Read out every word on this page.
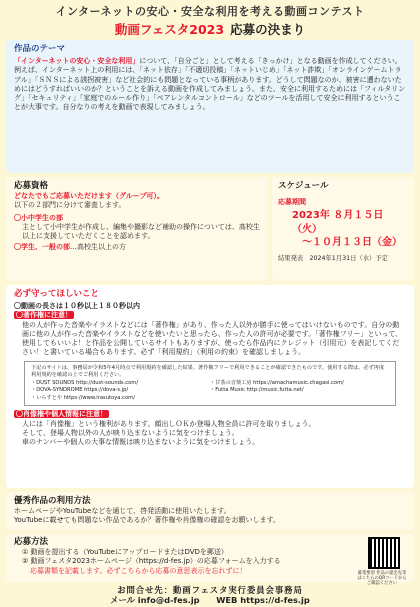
インターネットの安心・安全な利用を考える動画コンテスト
動画フェスタ2023 応募の決まり
作品のテーマ

「インターネットの安心・安全な利用」について、「自分ごと」として考える「きっかけ」となる動画を作成してください。

例えば、インターネット上の利用には、「ネット依存」「不適切投稿」「ネットいじめ」「ネット詐欺」「オンラインゲームトラブル」「ＳＮＳによる誘拐被害」など社会的にも問題となっている事柄があります。どうして問題なのか、被害に遭わないためにはどうすればいいのか？ということを訴える動画を作成してみましょう。また、安全に利用するためには「フィルタリング」「セキュリティ」「家庭でのルール作り」「ペアレンタルコントロール」などのツールを活用して安全に利用するということが大事です。自分なりの考えを動画で表現してみましょう。

応募資格
どなたでもご応募いただけます（グループ可）。
以下の２部門に分けて審査します。
〇小中学生の部
主として小中学生が作成し、編集や撮影など補助の操作については、高校生以上に支援していただくことを認めます。
〇学生、一般の部…高校生以上の方
スケジュール
応募期間
2023年 ８月１５日（火）
～１０月１３日（金）
結果発表　2024年1月31日（水）予定
必ず守ってほしいこと
〇動画の長さは１０秒以上１８０秒以内
〇著作権に注意！
他の人が作った音楽やイラストなどには「著作権」があり、作った人以外が勝手に使ってはいけないものです。自分の動画に他の人が作った音楽やイラストなどを使いたいと思ったら、作った人の許可が必要です。「著作権フリー」といって、使用してもいいよ！と作品を公開しているサイトもありますが、使ったら作品内にクレジット（引用元）を表記してください！と書いている場合もあります。必ず「利用規約」（利用の約束）を確認しましょう。
下記のサイトは、事務局が令和5年4月時点で利用規約を確認した結果、著作権フリーで利用できることが確認できたものです。使用する際は、必ず再度利用規約を確認の上でご利用ください。
・DUST SOUNDS http://dust-sounds.com/
・DOVA-SYNDROME https://dova-s.jp/
・いらすとや https://www.irasutoya.com/
・甘茶の音楽工房 https://amachamusic.chagasi.com/
・Futta Music http://music.futta.net/
〇肖像権や個人情報に注意！
人には「肖像権」という権利があります。顔出しＯＫか登場人物全員に許可を取りましょう。
そして、登場人物以外の人が映り込まないように気をつけましょう。
車のナンバーや個人の大事な情報は映り込まないように気をつけましょう。
優秀作品の利用方法
ホームページやYouTubeなどを通じて、啓発活動に使用いたします。
YouTubeに載せても問題ない作品であるか？著作権や肖像権の確認をお願いします。
応募方法
① 動画を提出する（YouTubeにアップロードまたはDVDを郵送）
② 動画フェスタ2023ホームページ（https://d-fes.jp）の応募フォームを入力する
応募書類を記載します。必ずこちらから応募の意思表示を忘れずに！	募集要項 作品の提出先等はこちらのQRコードからご確認ください
お問合せ先：動画フェスタ実行委員会事務局
メール info@d-fes.jp　　WEB https://d-fes.jp
